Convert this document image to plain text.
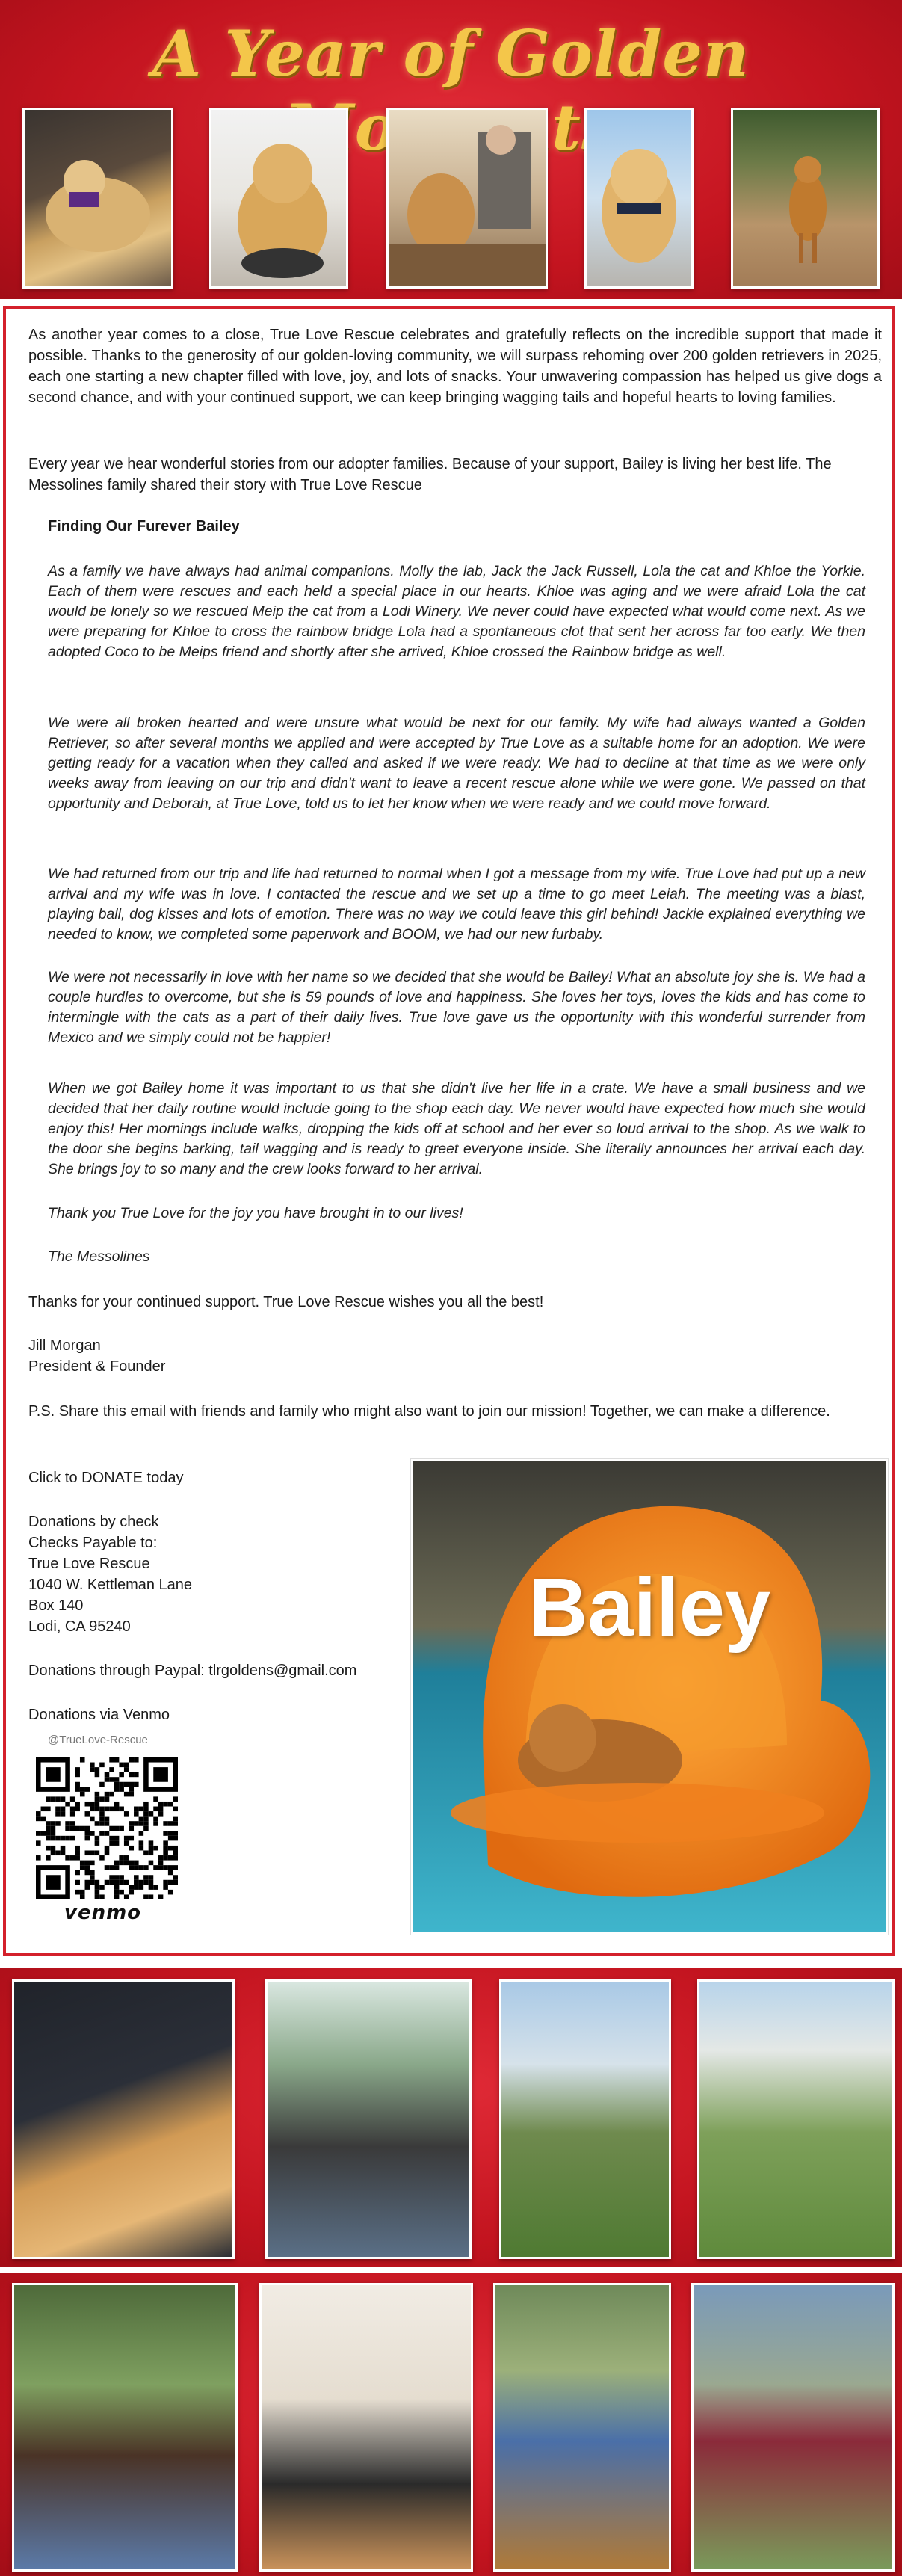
A Year of Golden

As another year comes to a close, True Love Rescue celebrates and gratefully reflects on the incredible support that made it possible. Thanks to the generosity of our golden-loving community, we will surpass rehoming over 200 golden retrievers in 2025, each one starting a new chapter filled with love, joy, and lots of snacks. Your unwavering compassion has helped us give dogs a second chance, and with your continued support, we can keep bringing wagging tails and hopeful hearts to loving families.

Every year we hear wonderful stories from our adopter families. Because of your support, Bailey is living her best life. The Messolines family shared their story with True Love Rescue

Finding Our Furever Bailey

As a family we have always had animal companions. Molly the lab, Jack the Jack Russell, Lola the cat and Khloe the Yorkie. Each of them were rescues and each held a special place in our hearts. Khloe was aging and we were afraid Lola the cat would be lonely so we rescued Meip the cat from a Lodi Winery. We never could have expected what would come next. As we were preparing for Khloe to cross the rainbow bridge Lola had a spontaneous clot that sent her across far too early. We then adopted Coco to be Meips friend and shortly after she arrived, Khloe crossed the Rainbow bridge as well.

We were all broken hearted and were unsure what would be next for our family. My wife had always wanted a Golden Retriever, so after several months we applied and were accepted by True Love as a suitable home for an adoption. We were getting ready for a vacation when they called and asked if we were ready. We had to decline at that time as we were only weeks away from leaving on our trip and didn't want to leave a recent rescue alone while we were gone. We passed on that opportunity and Deborah, at True Love, told us to let her know when we were ready and we could move forward.

We had returned from our trip and life had returned to normal when I got a message from my wife. True Love had put up a new arrival and my wife was in love. I contacted the rescue and we set up a time to go meet Leiah. The meeting was a blast, playing ball, dog kisses and lots of emotion. There was no way we could leave this girl behind! Jackie explained everything we needed to know, we completed some paperwork and BOOM, we had our new furbaby.

We were not necessarily in love with her name so we decided that she would be Bailey! What an absolute joy she is. We had a couple hurdles to overcome, but she is 59 pounds of love and happiness. She loves her toys, loves the kids and has come to intermingle with the cats as a part of their daily lives. True love gave us the opportunity with this wonderful surrender from Mexico and we simply could not be happier!

When we got Bailey home it was important to us that she didn't live her life in a crate. We have a small business and we decided that her daily routine would include going to the shop each day. We never would have expected how much she would enjoy this! Her mornings include walks, dropping the kids off at school and her ever so loud arrival to the shop. As we walk to the door she begins barking, tail wagging and is ready to greet everyone inside. She literally announces her arrival each day. She brings joy to so many and the crew looks forward to her arrival.

Thank you True Love for the joy you have brought in to our lives!

The Messolines

Thanks for your continued support. True Love Rescue wishes you all the best!

Jill Morgan

President & Founder

P.S. Share this email with friends and family who might also want to join our mission! Together, we can make a difference.

Click to DONATE today

Donations by check

Checks Payable to:

True Love Rescue

1040 W. Kettleman Lane

Box 140

Lodi, CA 95240

Donations through Paypal: tlrgoldens@gmail.com

Donations via Venmo

@TrueLove-Rescue
venmo
Bailey
